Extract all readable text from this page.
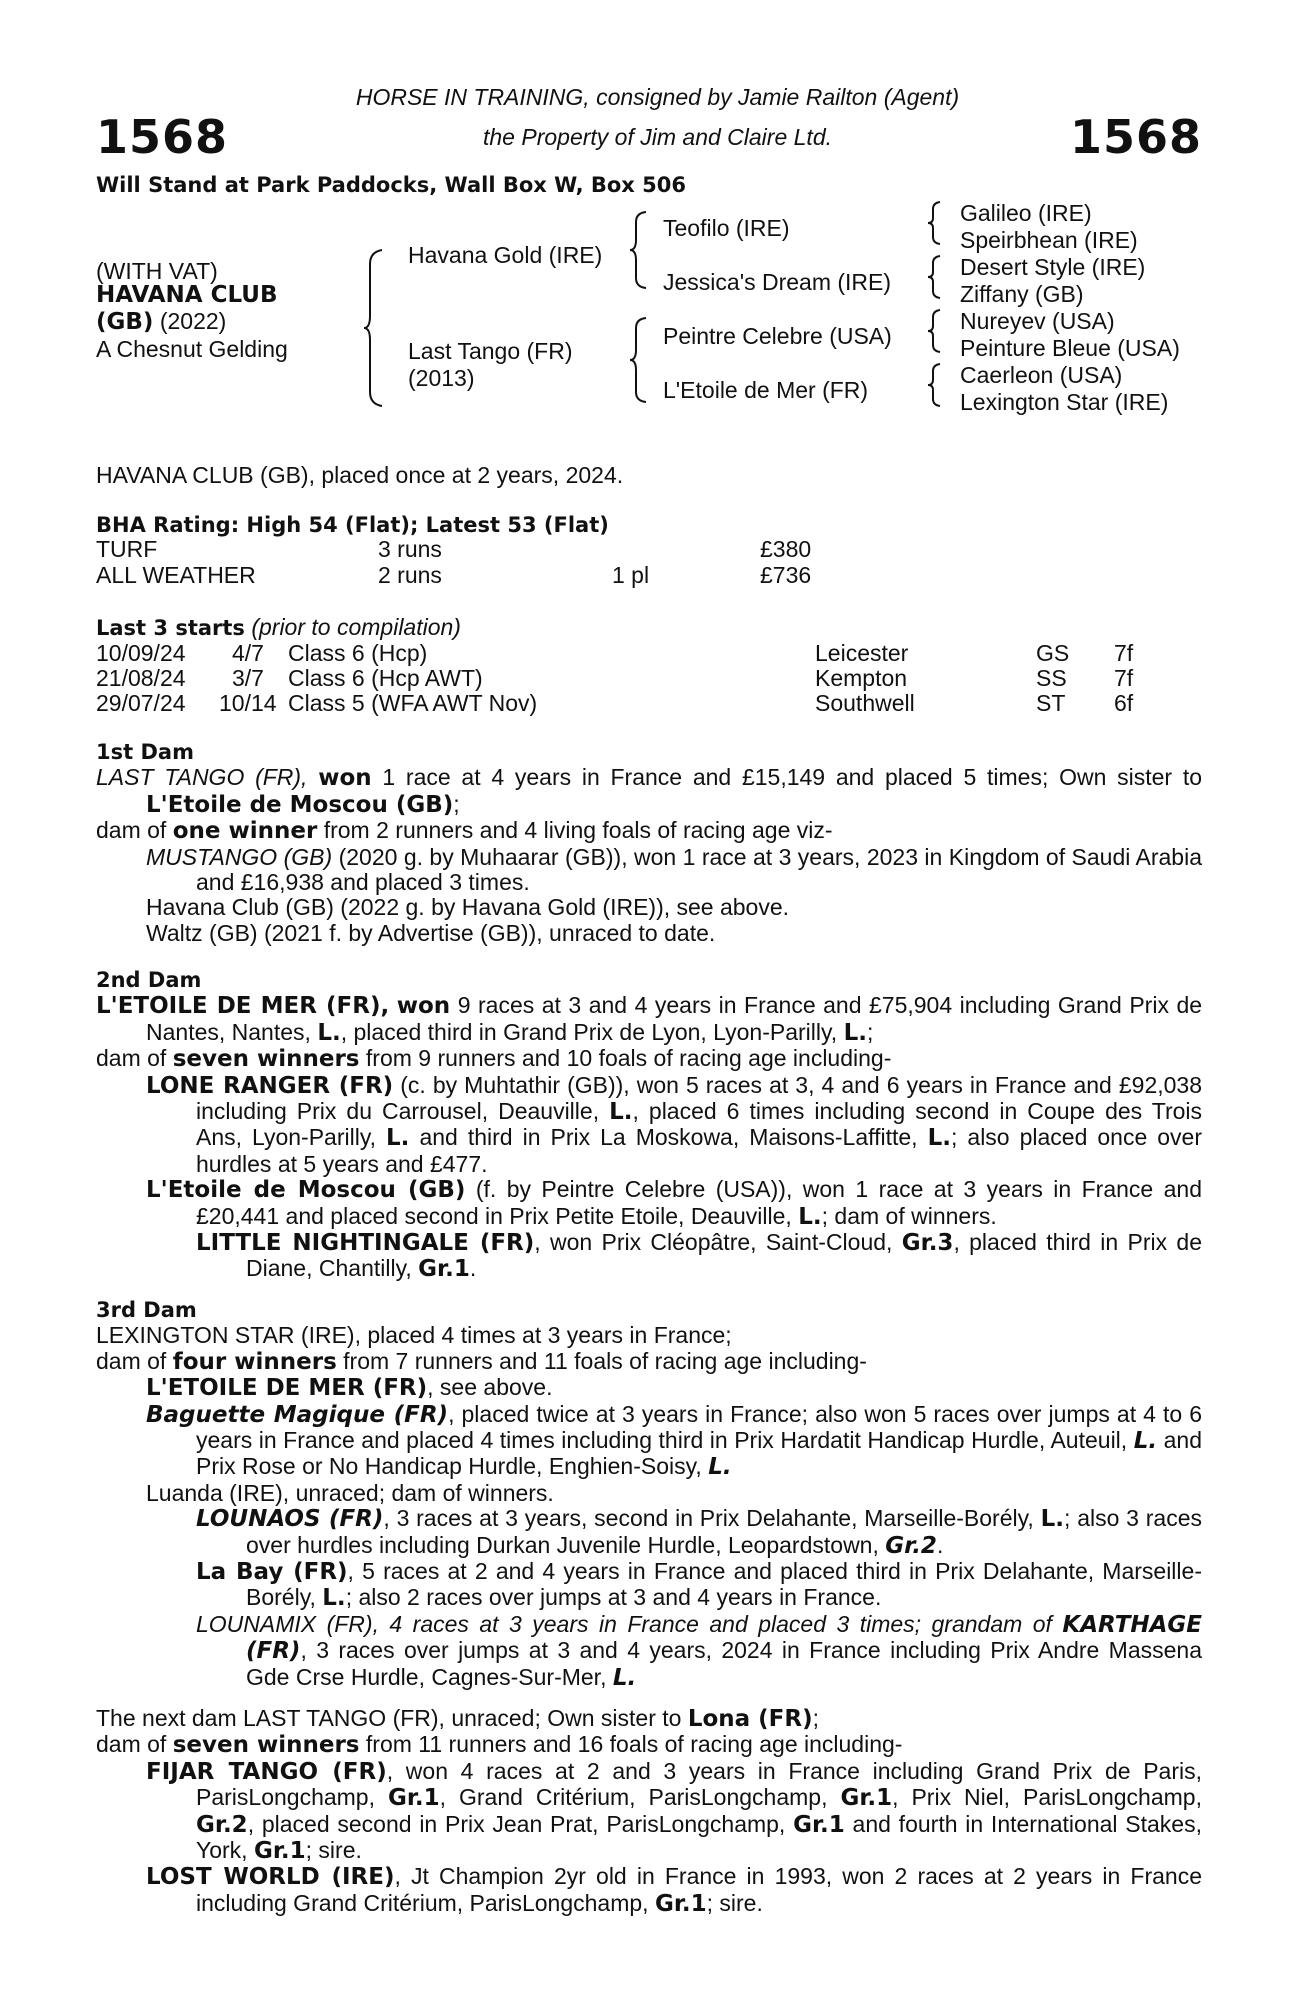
1568	1568
HORSE IN TRAINING, consigned by Jamie Railton (Agent)
the Property of Jim and Claire Ltd.
Will Stand at Park Paddocks, Wall Box W, Box 506
(WITH VAT)
HAVANA CLUB
(GB) (2022)
A Chesnut Gelding
Havana Gold (IRE)
Last Tango (FR)
(2013)
Teofilo (IRE)
Jessica's Dream (IRE)
Peintre Celebre (USA)
L'Etoile de Mer (FR)
Galileo (IRE)
Speirbhean (IRE)
Desert Style (IRE)
Ziffany (GB)
Nureyev (USA)
Peinture Bleue (USA)
Caerleon (USA)
Lexington Star (IRE)
HAVANA CLUB (GB), placed once at 2 years, 2024.
BHA Rating: High 54 (Flat); Latest 53 (Flat)
TURF	3 runs	£380
ALL WEATHER	2 runs	1 pl	£736
Last 3 starts (prior to compilation)
10/09/24 4/7 Class 6 (Hcp)	Leicester	GS 7f
21/08/24 3/7 Class 6 (Hcp AWT)	Kempton	SS 7f
29/07/24 10/14 Class 5 (WFA AWT Nov)	Southwell	ST 6f
1st Dam
LAST TANGO (FR), won 1 race at 4 years in France and £15,149 and placed 5 times; Own sister to L'Etoile de Moscou (GB);
dam of one winner from 2 runners and 4 living foals of racing age viz-
MUSTANGO (GB) (2020 g. by Muhaarar (GB)), won 1 race at 3 years, 2023 in Kingdom of Saudi Arabia and £16,938 and placed 3 times.
Havana Club (GB) (2022 g. by Havana Gold (IRE)), see above.
Waltz (GB) (2021 f. by Advertise (GB)), unraced to date.
2nd Dam
L'ETOILE DE MER (FR), won 9 races at 3 and 4 years in France and £75,904 including Grand Prix de Nantes, Nantes, L., placed third in Grand Prix de Lyon, Lyon-Parilly, L.;
dam of seven winners from 9 runners and 10 foals of racing age including-
LONE RANGER (FR) (c. by Muhtathir (GB)), won 5 races at 3, 4 and 6 years in France and £92,038 including Prix du Carrousel, Deauville, L., placed 6 times including second in Coupe des Trois Ans, Lyon-Parilly, L. and third in Prix La Moskowa, Maisons-Laffitte, L.; also placed once over hurdles at 5 years and £477.
L'Etoile de Moscou (GB) (f. by Peintre Celebre (USA)), won 1 race at 3 years in France and £20,441 and placed second in Prix Petite Etoile, Deauville, L.; dam of winners.
LITTLE NIGHTINGALE (FR), won Prix Cléopâtre, Saint-Cloud, Gr.3, placed third in Prix de Diane, Chantilly, Gr.1.
3rd Dam
LEXINGTON STAR (IRE), placed 4 times at 3 years in France;
dam of four winners from 7 runners and 11 foals of racing age including-
L'ETOILE DE MER (FR), see above.
Baguette Magique (FR), placed twice at 3 years in France; also won 5 races over jumps at 4 to 6 years in France and placed 4 times including third in Prix Hardatit Handicap Hurdle, Auteuil, L. and Prix Rose or No Handicap Hurdle, Enghien-Soisy, L.
Luanda (IRE), unraced; dam of winners.
LOUNAOS (FR), 3 races at 3 years, second in Prix Delahante, Marseille-Borély, L.; also 3 races over hurdles including Durkan Juvenile Hurdle, Leopardstown, Gr.2.
La Bay (FR), 5 races at 2 and 4 years in France and placed third in Prix Delahante, Marseille-Borély, L.; also 2 races over jumps at 3 and 4 years in France.
LOUNAMIX (FR), 4 races at 3 years in France and placed 3 times; grandam of KARTHAGE (FR), 3 races over jumps at 3 and 4 years, 2024 in France including Prix Andre Massena Gde Crse Hurdle, Cagnes-Sur-Mer, L.
The next dam LAST TANGO (FR), unraced; Own sister to Lona (FR);
dam of seven winners from 11 runners and 16 foals of racing age including-
FIJAR TANGO (FR), won 4 races at 2 and 3 years in France including Grand Prix de Paris, ParisLongchamp, Gr.1, Grand Critérium, ParisLongchamp, Gr.1, Prix Niel, ParisLongchamp, Gr.2, placed second in Prix Jean Prat, ParisLongchamp, Gr.1 and fourth in International Stakes, York, Gr.1; sire.
LOST WORLD (IRE), Jt Champion 2yr old in France in 1993, won 2 races at 2 years in France including Grand Critérium, ParisLongchamp, Gr.1; sire.
